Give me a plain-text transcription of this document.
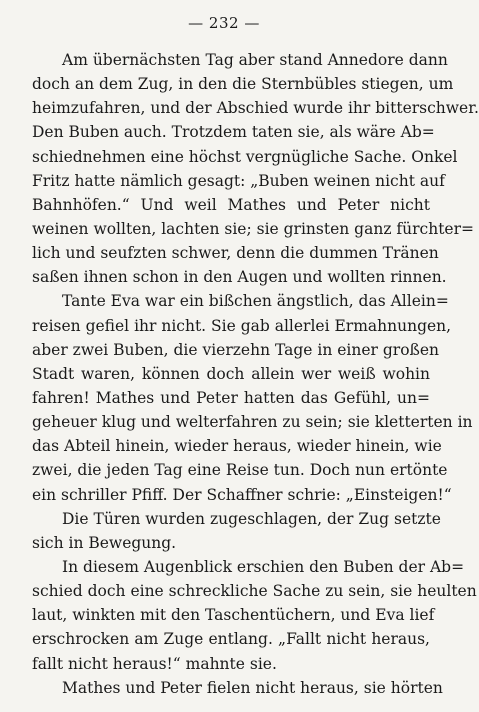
— 232 —
Am übernächsten Tag aber stand Annedore dann
doch an dem Zug, in den die Sternbübles stiegen, um
heimzufahren, und der Abschied wurde ihr bitterschwer.
Den Buben auch. Trotzdem taten sie, als wäre Ab=
schiednehmen eine höchst vergnügliche Sache. Onkel
Fritz hatte nämlich gesagt: „Buben weinen nicht auf
Bahnhöfen.“ Und weil Mathes und Peter nicht
weinen wollten, lachten sie; sie grinsten ganz fürchter=
lich und seufzten schwer, denn die dummen Tränen
saßen ihnen schon in den Augen und wollten rinnen.
Tante Eva war ein bißchen ängstlich, das Allein=
reisen gefiel ihr nicht. Sie gab allerlei Ermahnungen,
aber zwei Buben, die vierzehn Tage in einer großen
Stadt waren, können doch allein wer weiß wohin
fahren! Mathes und Peter hatten das Gefühl, un=
geheuer klug und welterfahren zu sein; sie kletterten in
das Abteil hinein, wieder heraus, wieder hinein, wie
zwei, die jeden Tag eine Reise tun. Doch nun ertönte
ein schriller Pfiff. Der Schaffner schrie: „Einsteigen!“
Die Türen wurden zugeschlagen, der Zug setzte
sich in Bewegung.
In diesem Augenblick erschien den Buben der Ab=
schied doch eine schreckliche Sache zu sein, sie heulten
laut, winkten mit den Taschentüchern, und Eva lief
erschrocken am Zuge entlang. „Fallt nicht heraus,
fallt nicht heraus!“ mahnte sie.
Mathes und Peter fielen nicht heraus, sie hörten
